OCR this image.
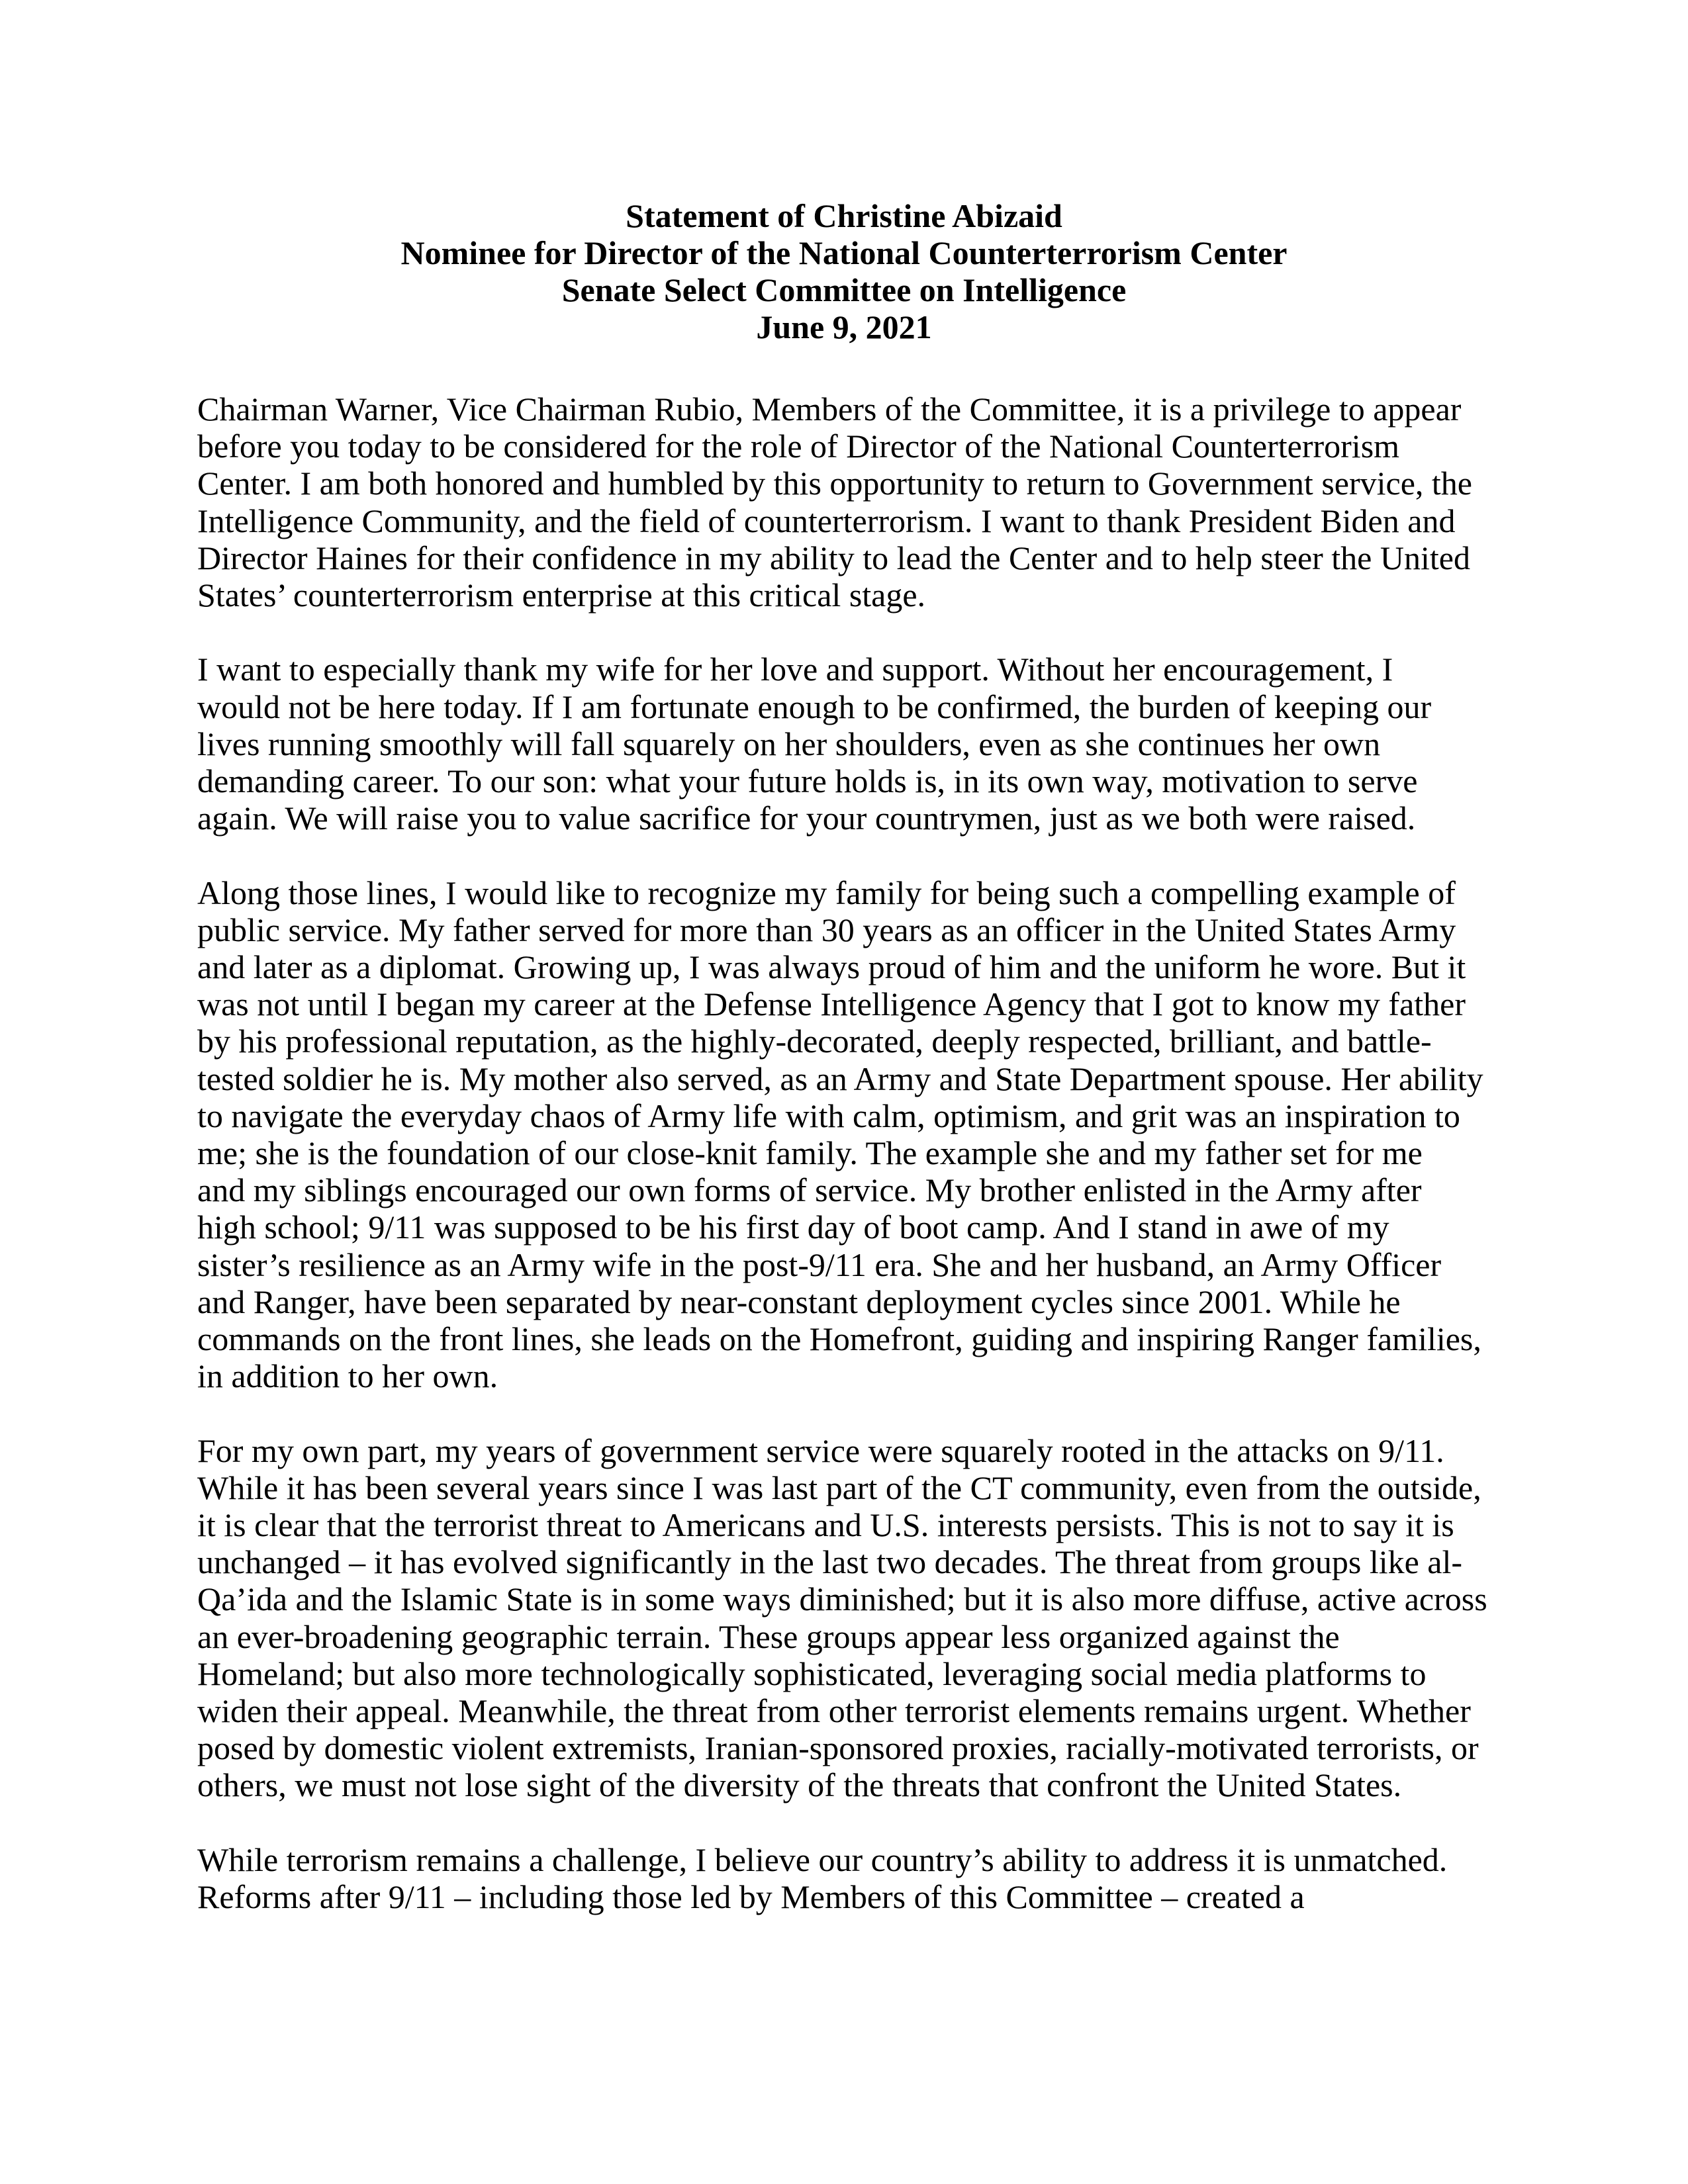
Statement of Christine Abizaid
Nominee for Director of the National Counterterrorism Center
Senate Select Committee on Intelligence
June 9, 2021
Chairman Warner, Vice Chairman Rubio, Members of the Committee, it is a privilege to appear
before you today to be considered for the role of Director of the National Counterterrorism
Center. I am both honored and humbled by this opportunity to return to Government service, the
Intelligence Community, and the field of counterterrorism. I want to thank President Biden and
Director Haines for their confidence in my ability to lead the Center and to help steer the United
States’ counterterrorism enterprise at this critical stage.
I want to especially thank my wife for her love and support. Without her encouragement, I
would not be here today. If I am fortunate enough to be confirmed, the burden of keeping our
lives running smoothly will fall squarely on her shoulders, even as she continues her own
demanding career. To our son: what your future holds is, in its own way, motivation to serve
again. We will raise you to value sacrifice for your countrymen, just as we both were raised.
Along those lines, I would like to recognize my family for being such a compelling example of
public service. My father served for more than 30 years as an officer in the United States Army
and later as a diplomat. Growing up, I was always proud of him and the uniform he wore. But it
was not until I began my career at the Defense Intelligence Agency that I got to know my father
by his professional reputation, as the highly-decorated, deeply respected, brilliant, and battle-
tested soldier he is. My mother also served, as an Army and State Department spouse. Her ability
to navigate the everyday chaos of Army life with calm, optimism, and grit was an inspiration to
me; she is the foundation of our close-knit family. The example she and my father set for me
and my siblings encouraged our own forms of service. My brother enlisted in the Army after
high school; 9/11 was supposed to be his first day of boot camp. And I stand in awe of my
sister’s resilience as an Army wife in the post-9/11 era. She and her husband, an Army Officer
and Ranger, have been separated by near-constant deployment cycles since 2001. While he
commands on the front lines, she leads on the Homefront, guiding and inspiring Ranger families,
in addition to her own.
For my own part, my years of government service were squarely rooted in the attacks on 9/11.
While it has been several years since I was last part of the CT community, even from the outside,
it is clear that the terrorist threat to Americans and U.S. interests persists. This is not to say it is
unchanged – it has evolved significantly in the last two decades. The threat from groups like al-
Qa’ida and the Islamic State is in some ways diminished; but it is also more diffuse, active across
an ever-broadening geographic terrain. These groups appear less organized against the
Homeland; but also more technologically sophisticated, leveraging social media platforms to
widen their appeal. Meanwhile, the threat from other terrorist elements remains urgent. Whether
posed by domestic violent extremists, Iranian-sponsored proxies, racially-motivated terrorists, or
others, we must not lose sight of the diversity of the threats that confront the United States.
While terrorism remains a challenge, I believe our country’s ability to address it is unmatched.
Reforms after 9/11 – including those led by Members of this Committee – created a
